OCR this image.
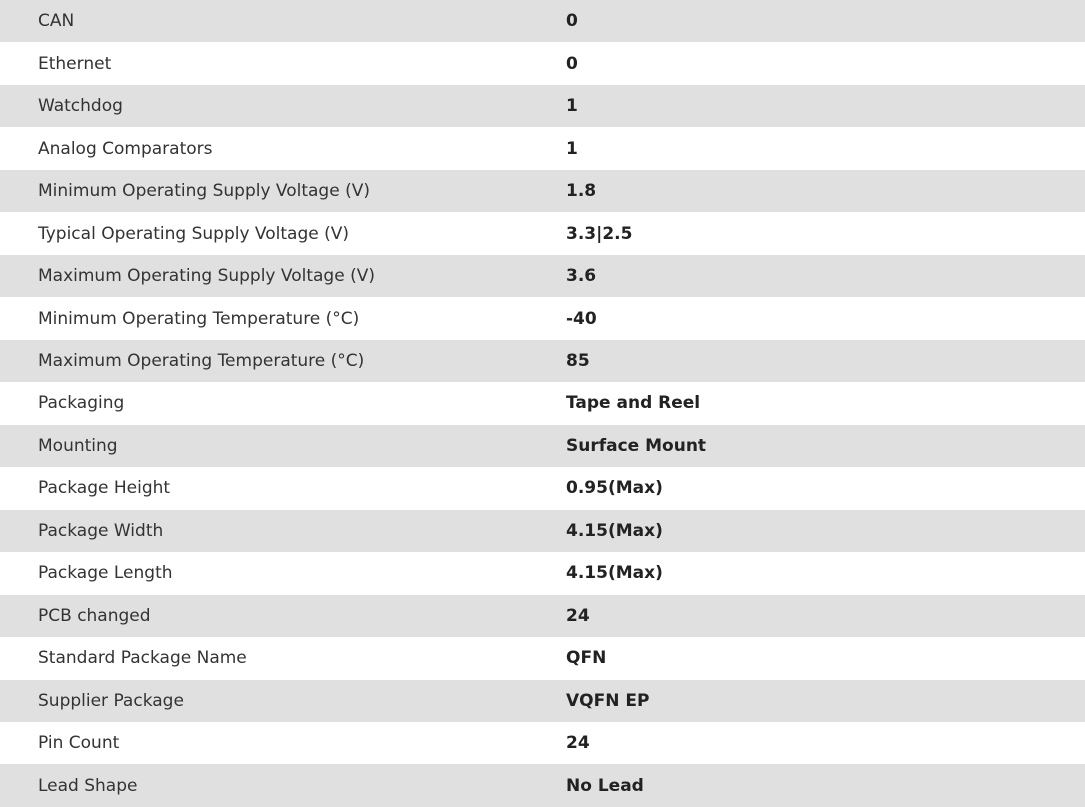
CAN	0
Ethernet	0
Watchdog	1
Analog Comparators	1
Minimum Operating Supply Voltage (V)	1.8
Typical Operating Supply Voltage (V)	3.3|2.5
Maximum Operating Supply Voltage (V)	3.6
Minimum Operating Temperature (°C)	-40
Maximum Operating Temperature (°C)	85
Packaging	Tape and Reel
Mounting	Surface Mount
Package Height	0.95(Max)
Package Width	4.15(Max)
Package Length	4.15(Max)
PCB changed	24
Standard Package Name	QFN
Supplier Package	VQFN EP
Pin Count	24
Lead Shape	No Lead
